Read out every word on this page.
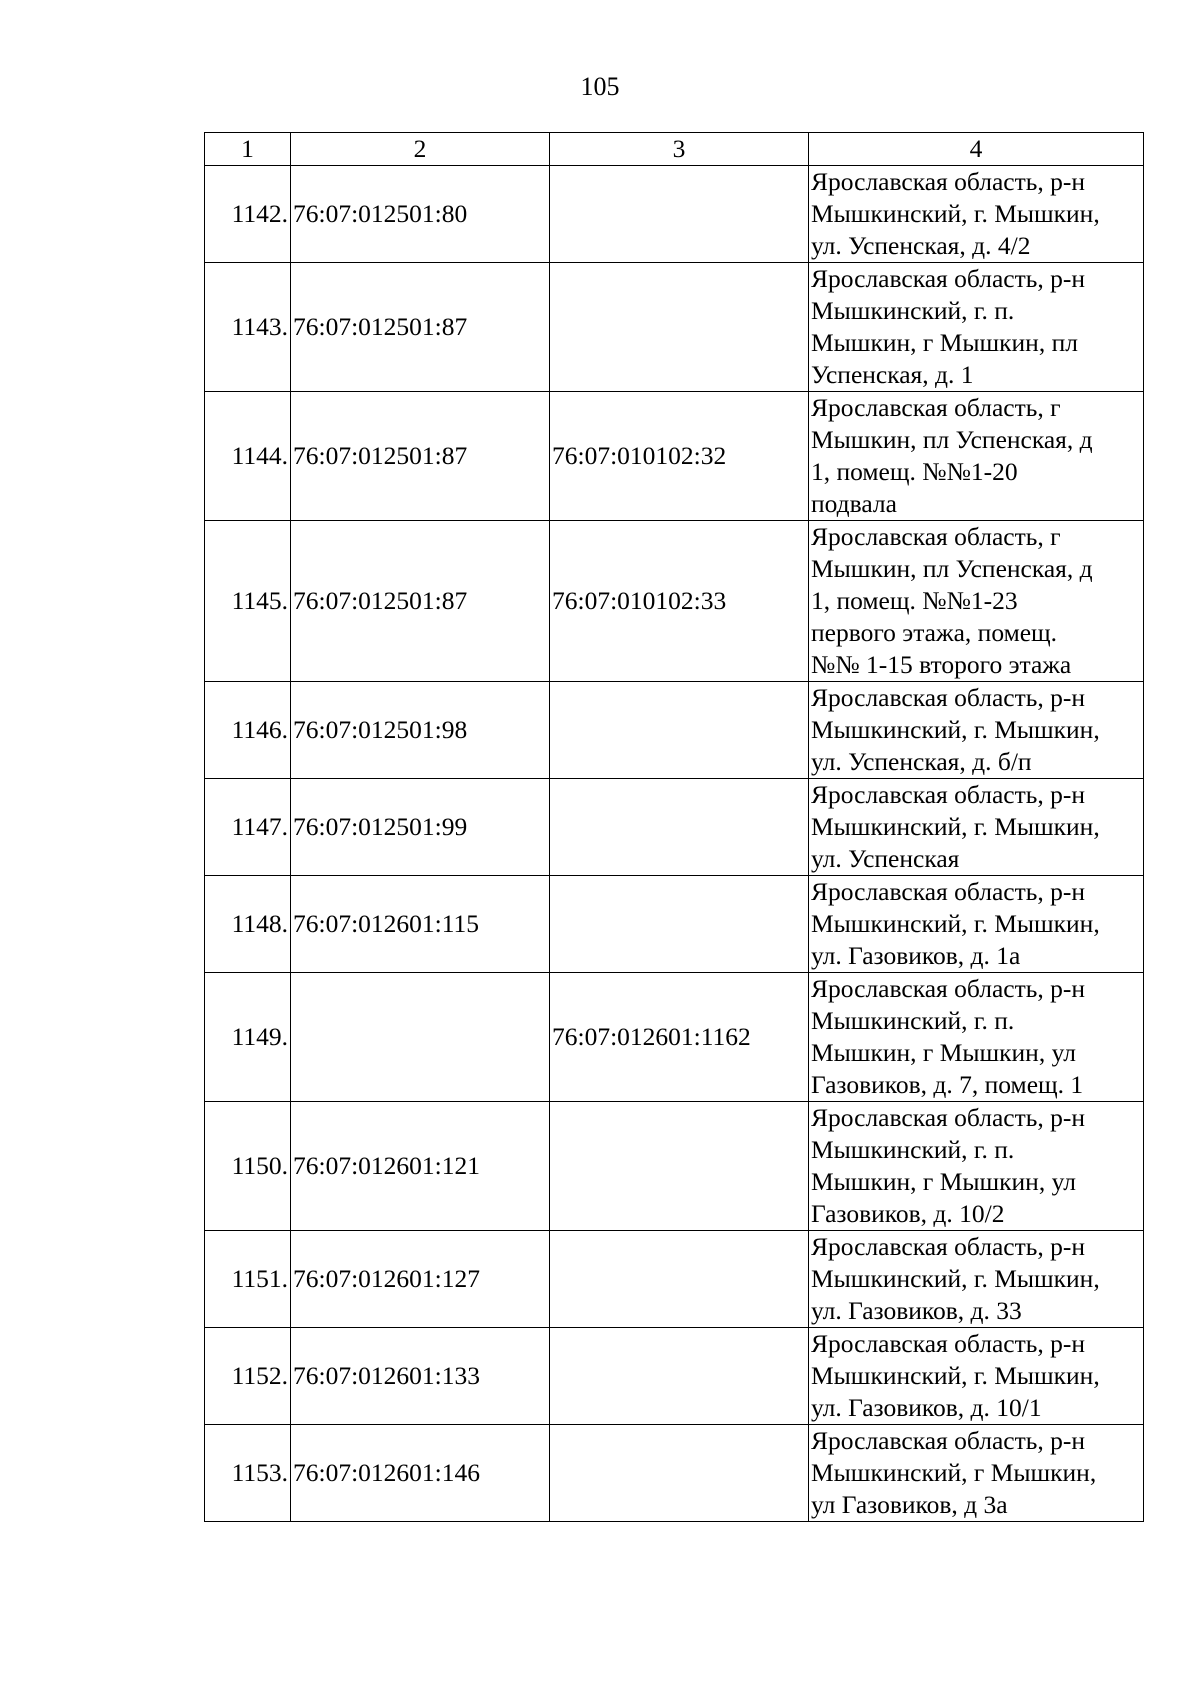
105
1	2	3	4
1142.	76:07:012501:80		Ярославская область, р-н
Мышкинский, г. Мышкин,
ул. Успенская, д. 4/2

1143.	76:07:012501:87		Ярославская область, р-н
Мышкинский, г. п.
Мышкин, г Мышкин, пл
Успенская, д. 1

1144.	76:07:012501:87	76:07:010102:32	Ярославская область, г
Мышкин, пл Успенская, д
1, помещ. №№1-20
подвала

1145.	76:07:012501:87	76:07:010102:33	Ярославская область, г
Мышкин, пл Успенская, д
1, помещ. №№1-23
первого этажа, помещ.
№№ 1-15 второго этажа

1146.	76:07:012501:98		Ярославская область, р-н
Мышкинский, г. Мышкин,
ул. Успенская, д. б/п

1147.	76:07:012501:99		Ярославская область, р-н
Мышкинский, г. Мышкин,
ул. Успенская

1148.	76:07:012601:115		Ярославская область, р-н
Мышкинский, г. Мышкин,
ул. Газовиков, д. 1а

1149.		76:07:012601:1162	Ярославская область, р-н
Мышкинский, г. п.
Мышкин, г Мышкин, ул
Газовиков, д. 7, помещ. 1

1150.	76:07:012601:121		Ярославская область, р-н
Мышкинский, г. п.
Мышкин, г Мышкин, ул
Газовиков, д. 10/2

1151.	76:07:012601:127		Ярославская область, р-н
Мышкинский, г. Мышкин,
ул. Газовиков, д. 33

1152.	76:07:012601:133		Ярославская область, р-н
Мышкинский, г. Мышкин,
ул. Газовиков, д. 10/1

1153.	76:07:012601:146		Ярославская область, р-н
Мышкинский, г Мышкин,
ул Газовиков, д 3а
